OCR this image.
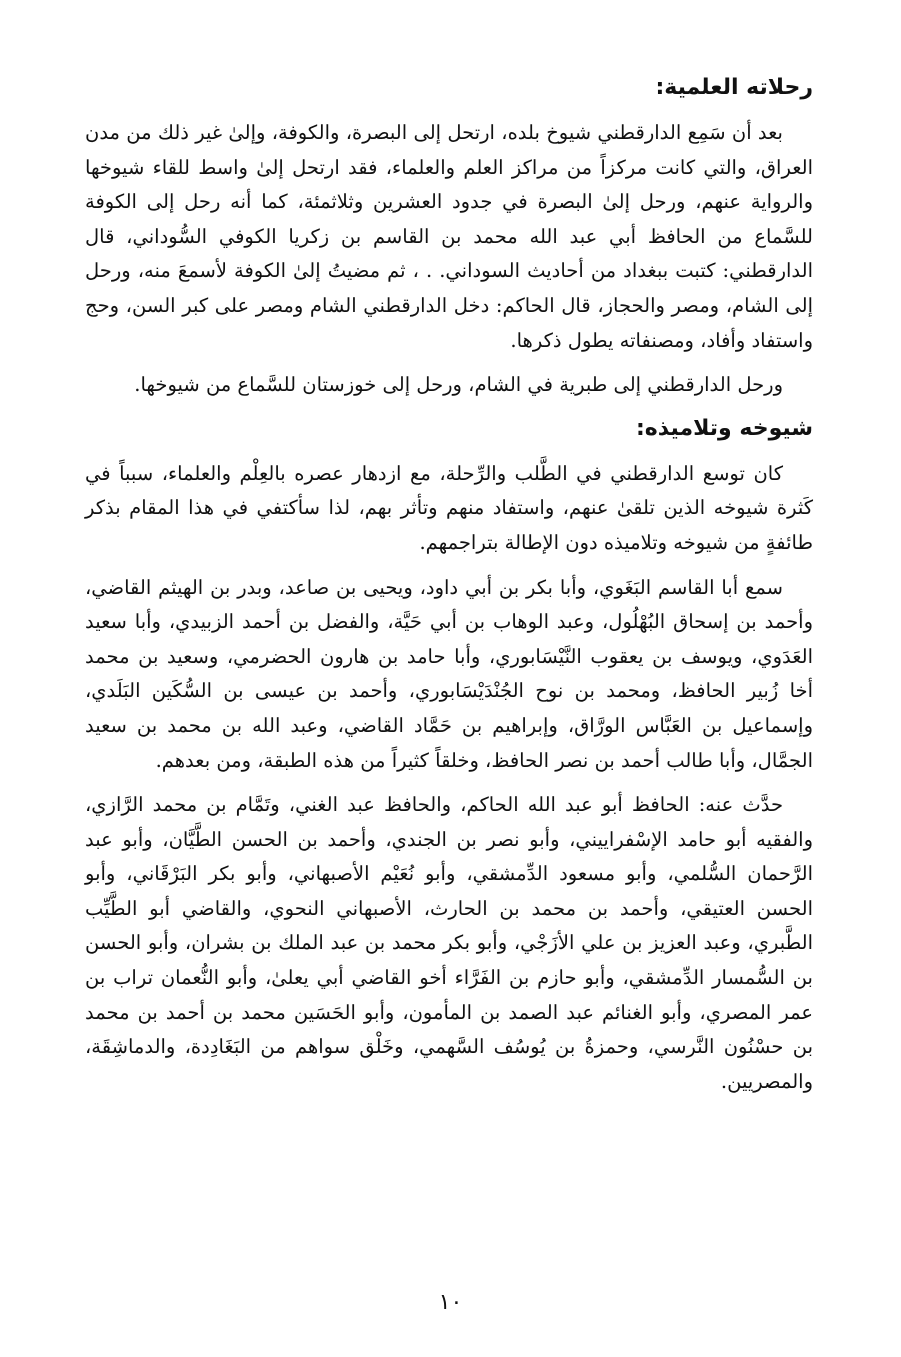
رحلاته العلمية:

بعد أن سَمِع الدارقطني شيوخ بلده، ارتحل إلى البصرة، والكوفة، وإلىٰ غير ذلك من مدن العراق، والتي كانت مركزاً من مراكز العلم والعلماء، فقد ارتحل إلىٰ واسط للقاء شيوخها والرواية عنهم، ورحل إلىٰ البصرة في جدود العشرين وثلاثمئة، كما أنه رحل إلى الكوفة للسَّماع من الحافظ أبي عبد الله محمد بن القاسم بن زكريا الكوفي السُّوداني، قال الدارقطني: كتبت ببغداد من أحاديث السوداني. . ، ثم مضيتُ إلىٰ الكوفة لأسمعَ منه، ورحل إلى الشام، ومصر والحجاز، قال الحاكم: دخل الدارقطني الشام ومصر على كبر السن، وحج واستفاد وأفاد، ومصنفاته يطول ذكرها.

ورحل الدارقطني إلى طبرية في الشام، ورحل إلى خوزستان للسَّماع من شيوخها.

شيوخه وتلاميذه:

كان توسع الدارقطني في الطَّلب والرِّحلة، مع ازدهار عصره بالعِلْم والعلماء، سبباً في كَثرة شيوخه الذين تلقىٰ عنهم، واستفاد منهم وتأثر بهم، لذا سأكتفي في هذا المقام بذكر طائفةٍ من شيوخه وتلاميذه دون الإطالة بتراجمهم.

سمع أبا القاسم البَغَوي، وأبا بكر بن أبي داود، ويحيى بن صاعد، وبدر بن الهيثم القاضي، وأحمد بن إسحاق البُهْلُول، وعبد الوهاب بن أبي حَيَّة، والفضل بن أحمد الزبيدي، وأبا سعيد العَدَوي، ويوسف بن يعقوب النَّيْسَابوري، وأبا حامد بن هارون الحضرمي، وسعيد بن محمد أخا زُبير الحافظ، ومحمد بن نوح الجُنْدَيْسَابوري، وأحمد بن عيسى بن السُّكَين البَلَدي، وإسماعيل بن العَبَّاس الورَّاق، وإبراهيم بن حَمَّاد القاضي، وعبد الله بن محمد بن سعيد الجمَّال، وأبا طالب أحمد بن نصر الحافظ، وخلقاً كثيراً من هذه الطبقة، ومن بعدهم.

حدَّث عنه: الحافظ أبو عبد الله الحاكم، والحافظ عبد الغني، وتَمَّام بن محمد الرَّازي، والفقيه أبو حامد الإسْفراييني، وأبو نصر بن الجندي، وأحمد بن الحسن الطَّيَّان، وأبو عبد الرَّحمان السُّلمي، وأبو مسعود الدِّمشقي، وأبو نُعَيْم الأصبهاني، وأبو بكر البَرْقَاني، وأبو الحسن العتيقي، وأحمد بن محمد بن الحارث، الأصبهاني النحوي، والقاضي أبو الطَّيِّب الطَّبري، وعبد العزيز بن علي الأزَجْي، وأبو بكر محمد بن عبد الملك بن بشران، وأبو الحسن بن السُّمسار الدِّمشقي، وأبو حازم بن الفَرَّاء أخو القاضي أبي يعلىٰ، وأبو النُّعمان تراب بن عمر المصري، وأبو الغنائم عبد الصمد بن المأمون، وأبو الحَسَين محمد بن أحمد بن محمد بن حسْنُون النَّرسي، وحمزةُ بن يُوسُف السَّهمي، وخَلْق سواهم من البَغَادِدة، والدماشِقَة، والمصريين.

١٠
